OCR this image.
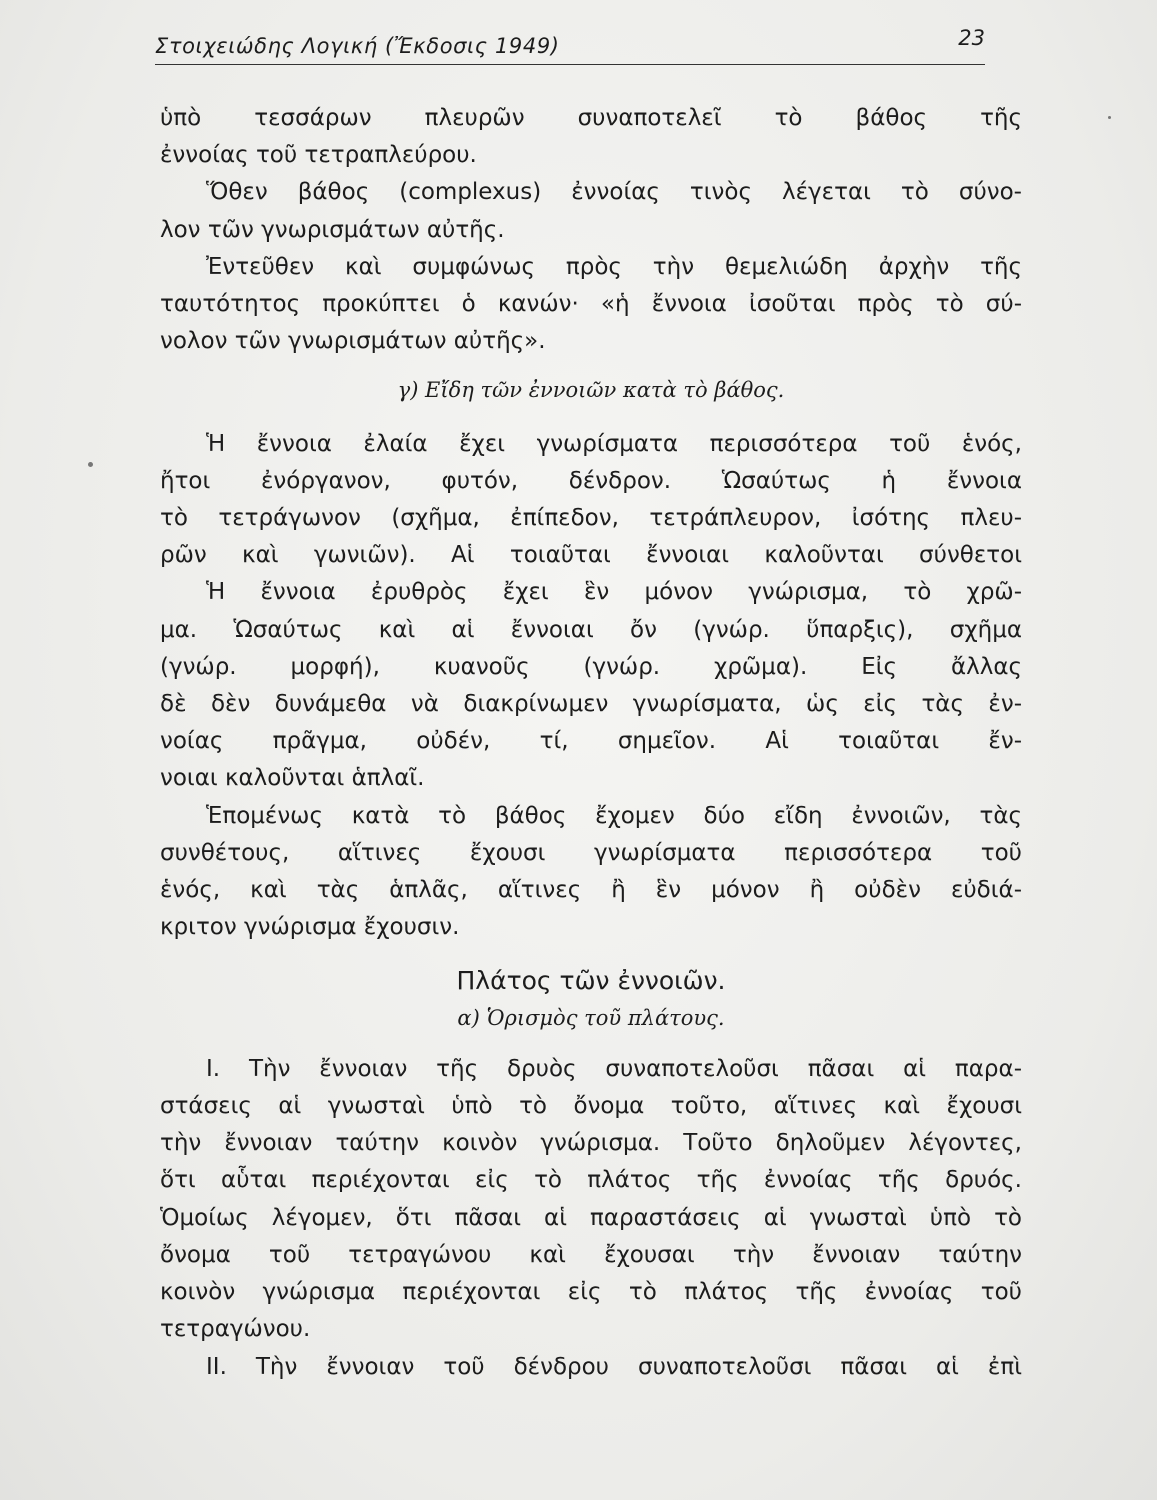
Στοιχειώδης Λογική (Ἔκδοσις 1949)	23

ὑπὸ τεσσάρων πλευρῶν συναποτελεῖ τὸ βάθος τῆς

ἐννοίας τοῦ τετραπλεύρου.

Ὅθεν βάθος (complexus) ἐννοίας τινὸς λέγεται τὸ σύνο-

λον τῶν γνωρισμάτων αὐτῆς.

Ἐντεῦθεν καὶ συμφώνως πρὸς τὴν θεμελιώδη ἀρχὴν τῆς

ταυτότητος προκύπτει ὁ κανών· «ἡ ἔννοια ἰσοῦται πρὸς τὸ σύ-

νολον τῶν γνωρισμάτων αὐτῆς».

γ) Εἴδη τῶν ἐννοιῶν κατὰ τὸ βάθος.

Ἡ ἔννοια ἐλαία ἔχει γνωρίσματα περισσότερα τοῦ ἑνός,

ἤτοι ἐνόργανον, φυτόν, δένδρον. Ὡσαύτως ἡ ἔννοια

τὸ τετράγωνον (σχῆμα, ἐπίπεδον, τετράπλευρον, ἰσότης πλευ-

ρῶν καὶ γωνιῶν). Αἱ τοιαῦται ἔννοιαι καλοῦνται σύνθετοι

Ἡ ἔννοια ἐρυθρὸς ἔχει ἓν μόνον γνώρισμα, τὸ χρῶ-

μα. Ὡσαύτως καὶ αἱ ἔννοιαι ὄν (γνώρ. ὕπαρξις), σχῆμα

(γνώρ. μορφή), κυανοῦς (γνώρ. χρῶμα). Εἰς ἄλλας

δὲ δὲν δυνάμεθα νὰ διακρίνωμεν γνωρίσματα, ὡς εἰς τὰς ἐν-

νοίας πρᾶγμα, οὐδέν, τί, σημεῖον. Αἱ τοιαῦται ἔν-

νοιαι καλοῦνται ἁπλαῖ.

Ἑπομένως κατὰ τὸ βάθος ἔχομεν δύο εἴδη ἐννοιῶν, τὰς

συνθέτους, αἵτινες ἔχουσι γνωρίσματα περισσότερα τοῦ

ἑνός, καὶ τὰς ἁπλᾶς, αἵτινες ἢ ἓν μόνον ἢ οὐδὲν εὐδιά-

κριτον γνώρισμα ἔχουσιν.

Πλάτος τῶν ἐννοιῶν.

α) Ὁρισμὸς τοῦ πλάτους.

I. Τὴν ἔννοιαν τῆς δρυὸς συναποτελοῦσι πᾶσαι αἱ παρα-

στάσεις αἱ γνωσταὶ ὑπὸ τὸ ὄνομα τοῦτο, αἵτινες καὶ ἔχουσι

τὴν ἔννοιαν ταύτην κοινὸν γνώρισμα. Τοῦτο δηλοῦμεν λέγοντες,

ὅτι αὗται περιέχονται εἰς τὸ πλάτος τῆς ἐννοίας τῆς δρυός.

Ὁμοίως λέγομεν, ὅτι πᾶσαι αἱ παραστάσεις αἱ γνωσταὶ ὑπὸ τὸ

ὄνομα τοῦ τετραγώνου καὶ ἔχουσαι τὴν ἔννοιαν ταύτην

κοινὸν γνώρισμα περιέχονται εἰς τὸ πλάτος τῆς ἐννοίας τοῦ

τετραγώνου.

II. Τὴν ἔννοιαν τοῦ δένδρου συναποτελοῦσι πᾶσαι αἱ ἐπὶ
